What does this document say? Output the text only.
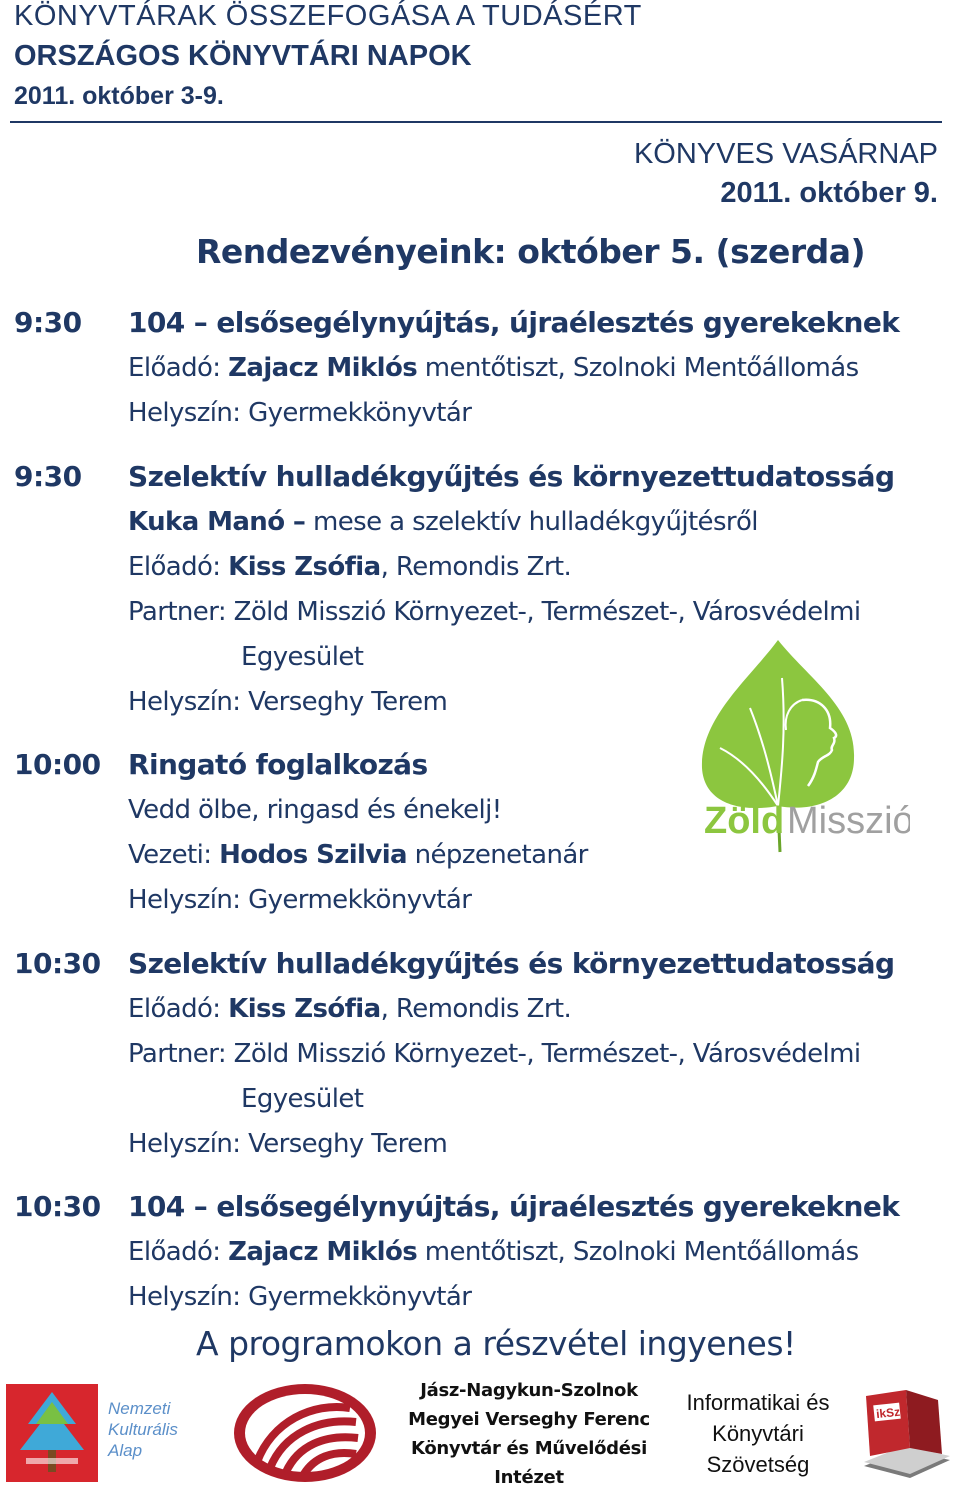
KÖNYVTÁRAK ÖSSZEFOGÁSA A TUDÁSÉRT
ORSZÁGOS KÖNYVTÁRI NAPOK
2011. október 3-9.
KÖNYVES VASÁRNAP
2011. október 9.
Rendezvényeink: október 5. (szerda)
9:30 104 – elsősegélynyújtás, újraélesztés gyerekeknek
Előadó: Zajacz Miklós mentőtiszt, Szolnoki Mentőállomás
Helyszín: Gyermekkönyvtár
9:30 Szelektív hulladékgyűjtés és környezettudatosság
Kuka Manó – mese a szelektív hulladékgyűjtésről
Előadó: Kiss Zsófia, Remondis Zrt.
Partner: Zöld Misszió Környezet-, Természet-, Városvédelmi
Egyesület
Helyszín: Verseghy Terem
Zöld Misszió
10:00 Ringató foglalkozás
Vedd ölbe, ringasd és énekelj!
Vezeti: Hodos Szilvia népzenetanár
Helyszín: Gyermekkönyvtár
10:30 Szelektív hulladékgyűjtés és környezettudatosság
Előadó: Kiss Zsófia, Remondis Zrt.
Partner: Zöld Misszió Környezet-, Természet-, Városvédelmi
Egyesület
Helyszín: Verseghy Terem
10:30 104 – elsősegélynyújtás, újraélesztés gyerekeknek
Előadó: Zajacz Miklós mentőtiszt, Szolnoki Mentőállomás
Helyszín: Gyermekkönyvtár
A programokon a részvétel ingyenes!
Nemzeti Kulturális Alap
Jász-Nagykun-Szolnok Megyei Verseghy Ferenc Könyvtár és Művelődési Intézet
Informatikai és Könyvtári Szövetség
ikSz
